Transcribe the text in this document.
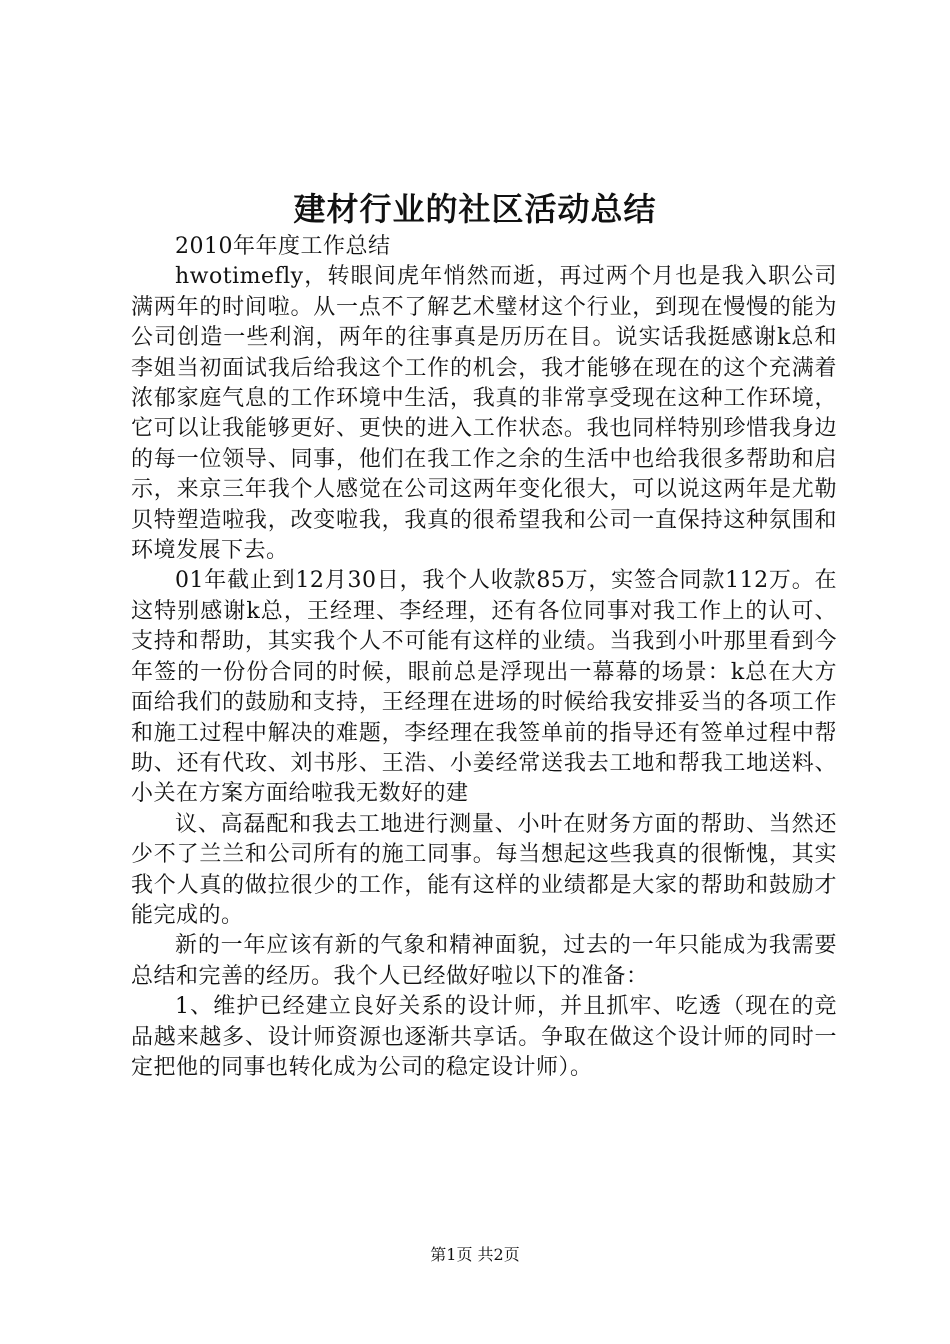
建材行业的社区活动总结

2010年年度工作总结

hwotimefly，转眼间虎年悄然而逝，再过两个月也是我入职公司满两年的时间啦。从一点不了解艺术璧材这个行业，到现在慢慢的能为公司创造一些利润，两年的往事真是历历在目。说实话我挺感谢k总和李姐当初面试我后给我这个工作的机会，我才能够在现在的这个充满着浓郁家庭气息的工作环境中生活，我真的非常享受现在这种工作环境，它可以让我能够更好、更快的进入工作状态。我也同样特别珍惜我身边的每一位领导、同事，他们在我工作之余的生活中也给我很多帮助和启示，来京三年我个人感觉在公司这两年变化很大，可以说这两年是尤勒贝特塑造啦我，改变啦我，我真的很希望我和公司一直保持这种氛围和环境发展下去。

01年截止到12月30日，我个人收款85万，实签合同款112万。在这特别感谢k总，王经理、李经理，还有各位同事对我工作上的认可、支持和帮助，其实我个人不可能有这样的业绩。当我到小叶那里看到今年签的一份份合同的时候，眼前总是浮现出一幕幕的场景：k总在大方面给我们的鼓励和支持，王经理在进场的时候给我安排妥当的各项工作和施工过程中解决的难题，李经理在我签单前的指导还有签单过程中帮助、还有代玫、刘书彤、王浩、小姜经常送我去工地和帮我工地送料、小关在方案方面给啦我无数好的建

议、高磊配和我去工地进行测量、小叶在财务方面的帮助、当然还少不了兰兰和公司所有的施工同事。每当想起这些我真的很惭愧，其实我个人真的做拉很少的工作，能有这样的业绩都是大家的帮助和鼓励才能完成的。

新的一年应该有新的气象和精神面貌，过去的一年只能成为我需要总结和完善的经历。我个人已经做好啦以下的准备：

1、维护已经建立良好关系的设计师，并且抓牢、吃透（现在的竞品越来越多、设计师资源也逐渐共享话。争取在做这个设计师的同时一定把他的同事也转化成为公司的稳定设计师）。

第1页 共2页
